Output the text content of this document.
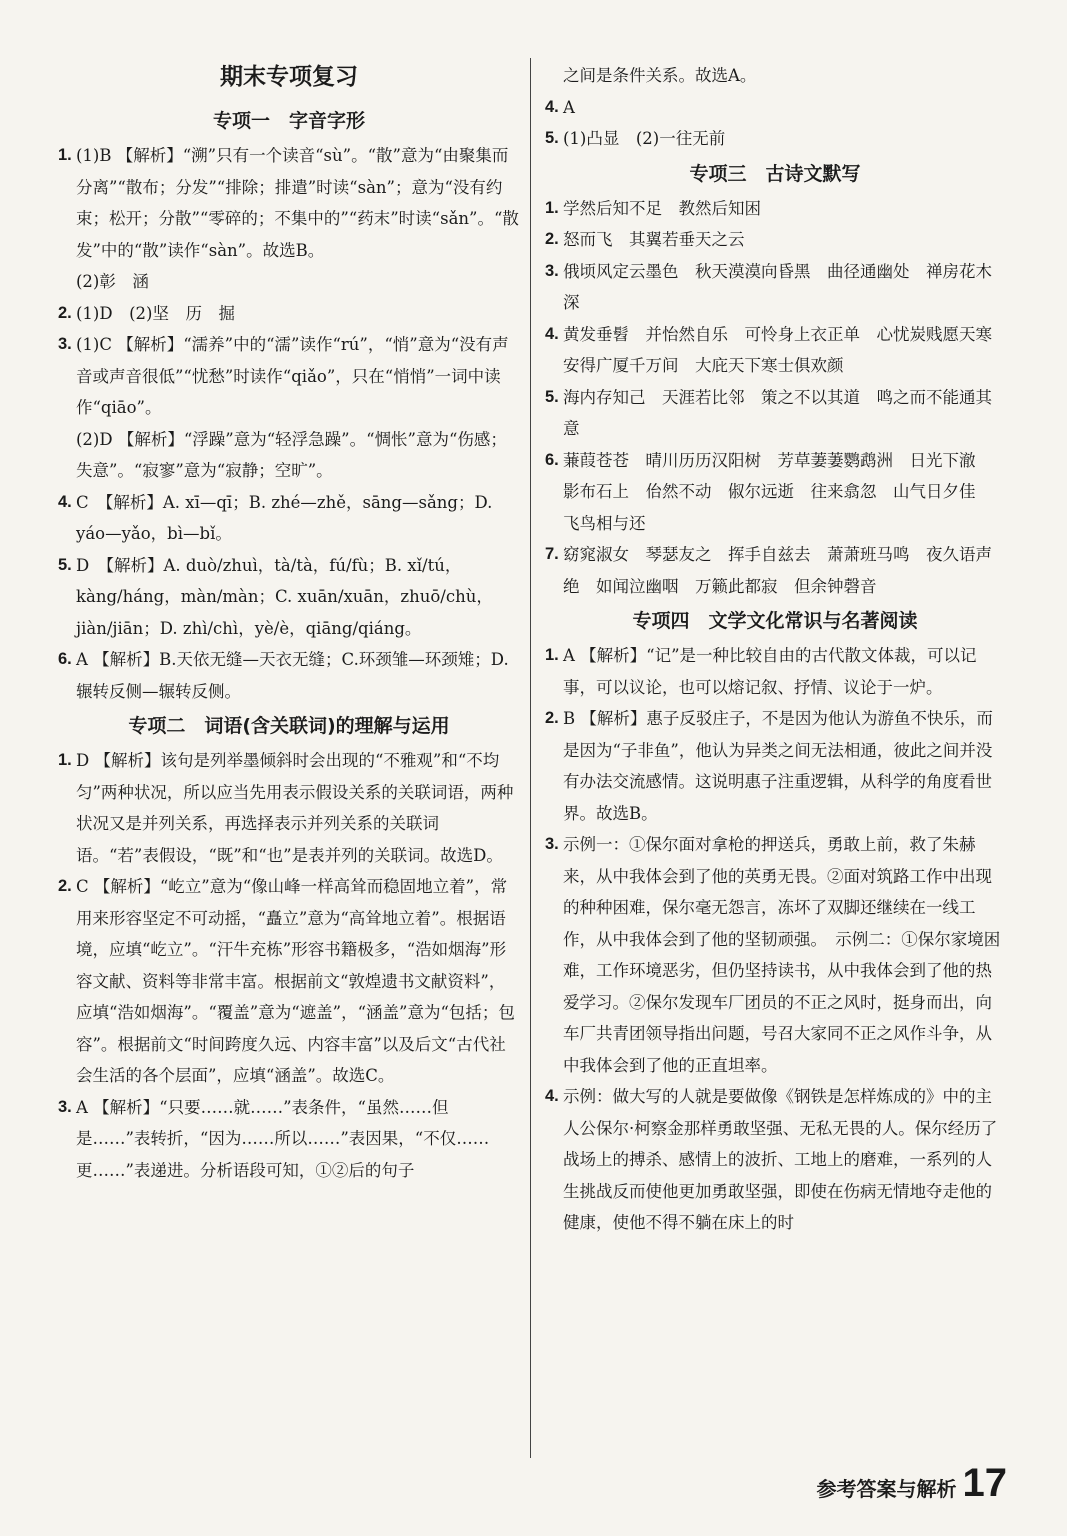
期末专项复习
专项一　字音字形

1. (1)B 【解析】“溯”只有一个读音“sù”。“散”意为“由聚集而分离”“散布；分发”“排除；排遣”时读“sàn”；意为“没有约束；松开；分散”“零碎的；不集中的”“药末”时读“sǎn”。“散发”中的“散”读作“sàn”。故选B。

(2)彰　涵

2. (1)D　(2)坚　历　掘

3. (1)C 【解析】“濡养”中的“濡”读作“rú”，“悄”意为“没有声音或声音很低”“忧愁”时读作“qiǎo”，只在“悄悄”一词中读作“qiāo”。

(2)D 【解析】“浮躁”意为“轻浮急躁”。“惆怅”意为“伤感；失意”。“寂寥”意为“寂静；空旷”。

4. C　【解析】A. xī—qī；B. zhé—zhě，sāng—sǎng；D. yáo—yǎo，bì—bǐ。

5. D　【解析】A. duò/zhuì，tà/tà，fú/fù；B. xǐ/tú，kàng/háng，màn/màn；C. xuān/xuān，zhuō/chù，jiàn/jiān；D. zhì/chì，yè/è，qiāng/qiáng。

6. A 【解析】B.天依无缝—天衣无缝；C.环颈雏—环颈雉；D.辗转反侧—辗转反侧。

专项二　词语(含关联词)的理解与运用

1. D 【解析】该句是列举墨倾斜时会出现的“不雅观”和“不均匀”两种状况，所以应当先用表示假设关系的关联词语，两种状况又是并列关系，再选择表示并列关系的关联词语。“若”表假设，“既”和“也”是表并列的关联词。故选D。

2. C 【解析】“屹立”意为“像山峰一样高耸而稳固地立着”，常用来形容坚定不可动摇，“矗立”意为“高耸地立着”。根据语境，应填“屹立”。“汗牛充栋”形容书籍极多，“浩如烟海”形容文献、资料等非常丰富。根据前文“敦煌遗书文献资料”，应填“浩如烟海”。“覆盖”意为“遮盖”，“涵盖”意为“包括；包容”。根据前文“时间跨度久远、内容丰富”以及后文“古代社会生活的各个层面”，应填“涵盖”。故选C。

3. A 【解析】“只要……就……”表条件，“虽然……但是……”表转折，“因为……所以……”表因果，“不仅……更……”表递进。分析语段可知，①②后的句子

之间是条件关系。故选A。

4. A

5. (1)凸显　(2)一往无前

专项三　古诗文默写

1. 学然后知不足　教然后知困

2. 怒而飞　其翼若垂天之云

3. 俄顷风定云墨色　秋天漠漠向昏黑　曲径通幽处　禅房花木深

4. 黄发垂髫　并怡然自乐　可怜身上衣正单　心忧炭贱愿天寒　安得广厦千万间　大庇天下寒士俱欢颜

5. 海内存知己　天涯若比邻　策之不以其道　鸣之而不能通其意

6. 蒹葭苍苍　晴川历历汉阳树　芳草萋萋鹦鹉洲　日光下澈　影布石上　佁然不动　俶尔远逝　往来翕忽　山气日夕佳　飞鸟相与还

7. 窈窕淑女　琴瑟友之　挥手自兹去　萧萧班马鸣　夜久语声绝　如闻泣幽咽　万籁此都寂　但余钟磬音

专项四　文学文化常识与名著阅读

1. A 【解析】“记”是一种比较自由的古代散文体裁，可以记事，可以议论，也可以熔记叙、抒情、议论于一炉。

2. B 【解析】惠子反驳庄子，不是因为他认为游鱼不快乐，而是因为“子非鱼”，他认为异类之间无法相通，彼此之间并没有办法交流感情。这说明惠子注重逻辑，从科学的角度看世界。故选B。

3. 示例一：①保尔面对拿枪的押送兵，勇敢上前，救了朱赫来，从中我体会到了他的英勇无畏。②面对筑路工作中出现的种种困难，保尔毫无怨言，冻坏了双脚还继续在一线工作，从中我体会到了他的坚韧顽强。　示例二：①保尔家境困难，工作环境恶劣，但仍坚持读书，从中我体会到了他的热爱学习。②保尔发现车厂团员的不正之风时，挺身而出，向车厂共青团领导指出问题，号召大家同不正之风作斗争，从中我体会到了他的正直坦率。

4. 示例：做大写的人就是要做像《钢铁是怎样炼成的》中的主人公保尔·柯察金那样勇敢坚强、无私无畏的人。保尔经历了战场上的搏杀、感情上的波折、工地上的磨难，一系列的人生挑战反而使他更加勇敢坚强，即使在伤病无情地夺走他的健康，使他不得不躺在床上的时

参考答案与解析 17
